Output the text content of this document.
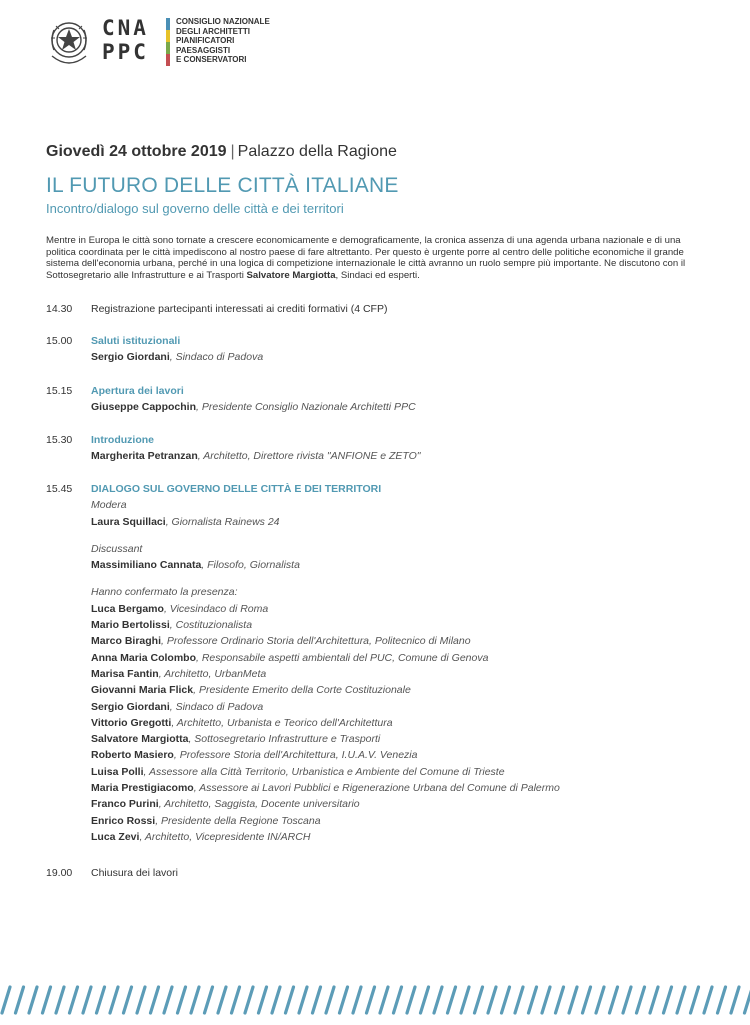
CNA
PPC
CONSIGLIO NAZIONALE
DEGLI ARCHITETTI
PIANIFICATORI
PAESAGGISTI
E CONSERVATORI
Giovedì 24 ottobre 2019 | Palazzo della Ragione
IL FUTURO DELLE CITTÀ ITALIANE
Incontro/dialogo sul governo delle città e dei territori
Mentre in Europa le città sono tornate a crescere economicamente e demograficamente, la cronica assenza di una agenda urbana nazionale e di una politica coordinata per le città impediscono al nostro paese di fare altrettanto. Per questo è urgente porre al centro delle politiche economiche il grande sistema dell'economia urbana, perché in una logica di competizione internazionale le città avranno un ruolo sempre più importante. Ne discutono con il Sottosegretario alle Infrastrutture e ai Trasporti Salvatore Margiotta, Sindaci ed esperti.
14.30	Registrazione partecipanti interessati ai crediti formativi (4 CFP)
15.00	Saluti istituzionali
Sergio Giordani, Sindaco di Padova
15.15	Apertura dei lavori
Giuseppe Cappochin, Presidente Consiglio Nazionale Architetti PPC
15.30	Introduzione
Margherita Petranzan, Architetto, Direttore rivista "ANFIONE e ZETO"
15.45	DIALOGO SUL GOVERNO DELLE CITTÀ E DEI TERRITORI
Modera
Laura Squillaci, Giornalista Rainews 24
Discussant
Massimiliano Cannata, Filosofo, Giornalista
Hanno confermato la presenza:
Luca Bergamo, Vicesindaco di Roma
Mario Bertolissi, Costituzionalista
Marco Biraghi, Professore Ordinario Storia dell'Architettura, Politecnico di Milano
Anna Maria Colombo, Responsabile aspetti ambientali del PUC, Comune di Genova
Marisa Fantin, Architetto, UrbanMeta
Giovanni Maria Flick, Presidente Emerito della Corte Costituzionale
Sergio Giordani, Sindaco di Padova
Vittorio Gregotti, Architetto, Urbanista e Teorico dell'Architettura
Salvatore Margiotta, Sottosegretario Infrastrutture e Trasporti
Roberto Masiero, Professore Storia dell'Architettura, I.U.A.V. Venezia
Luisa Polli, Assessore alla Città Territorio, Urbanistica e Ambiente del Comune di Trieste
Maria Prestigiacomo, Assessore ai Lavori Pubblici e Rigenerazione Urbana del Comune di Palermo
Franco Purini, Architetto, Saggista, Docente universitario
Enrico Rossi, Presidente della Regione Toscana
Luca Zevi, Architetto, Vicepresidente IN/ARCH
19.00	Chiusura dei lavori
